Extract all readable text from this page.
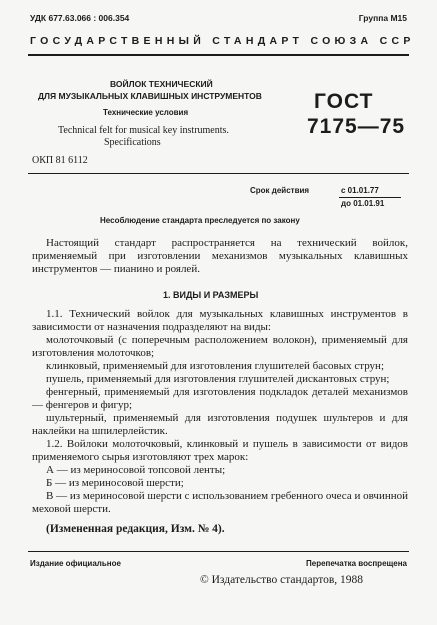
УДК 677.63.066 : 006.354	Группа М15
ГОСУДАРСТВЕННЫЙ СТАНДАРТ СОЮЗА ССР
ВОЙЛОК ТЕХНИЧЕСКИЙ
ДЛЯ МУЗЫКАЛЬНЫХ КЛАВИШНЫХ ИНСТРУМЕНТОВ
Технические условия
Technical felt for musical key instruments.
Specifications
ГОСТ
7175—75
ОКП 81 6112
Срок действия	с 01.01.77
до 01.01.91
Несоблюдение стандарта преследуется по закону
Настоящий стандарт распространяется на технический войлок, применяемый при изготовлении механизмов музыкальных клавишных инструментов — пианино и роялей.
1. ВИДЫ И РАЗМЕРЫ
1.1. Технический войлок для музыкальных клавишных инструментов в зависимости от назначения подразделяют на виды:
молоточковый (с поперечным расположением волокон), применяемый для изготовления молоточков;
клинковый, применяемый для изготовления глушителей басовых струн;
пушель, применяемый для изготовления глушителей дискантовых струн;
фенгерный, применяемый для изготовления подкладок деталей механизмов — фенгеров и фигур;
шультерный, применяемый для изготовления подушек шультеров и для наклейки на шпилерлейстик.
1.2. Войлоки молоточковый, клинковый и пушель в зависимости от видов применяемого сырья изготовляют трех марок:
А — из мериносовой топсовой ленты;
Б — из мериносовой шерсти;
В — из мериносовой шерсти с использованием гребенного очеса и овчинной меховой шерсти.
(Измененная редакция, Изм. № 4).
Издание официальное	Перепечатка воспрещена
© Издательство стандартов, 1988
